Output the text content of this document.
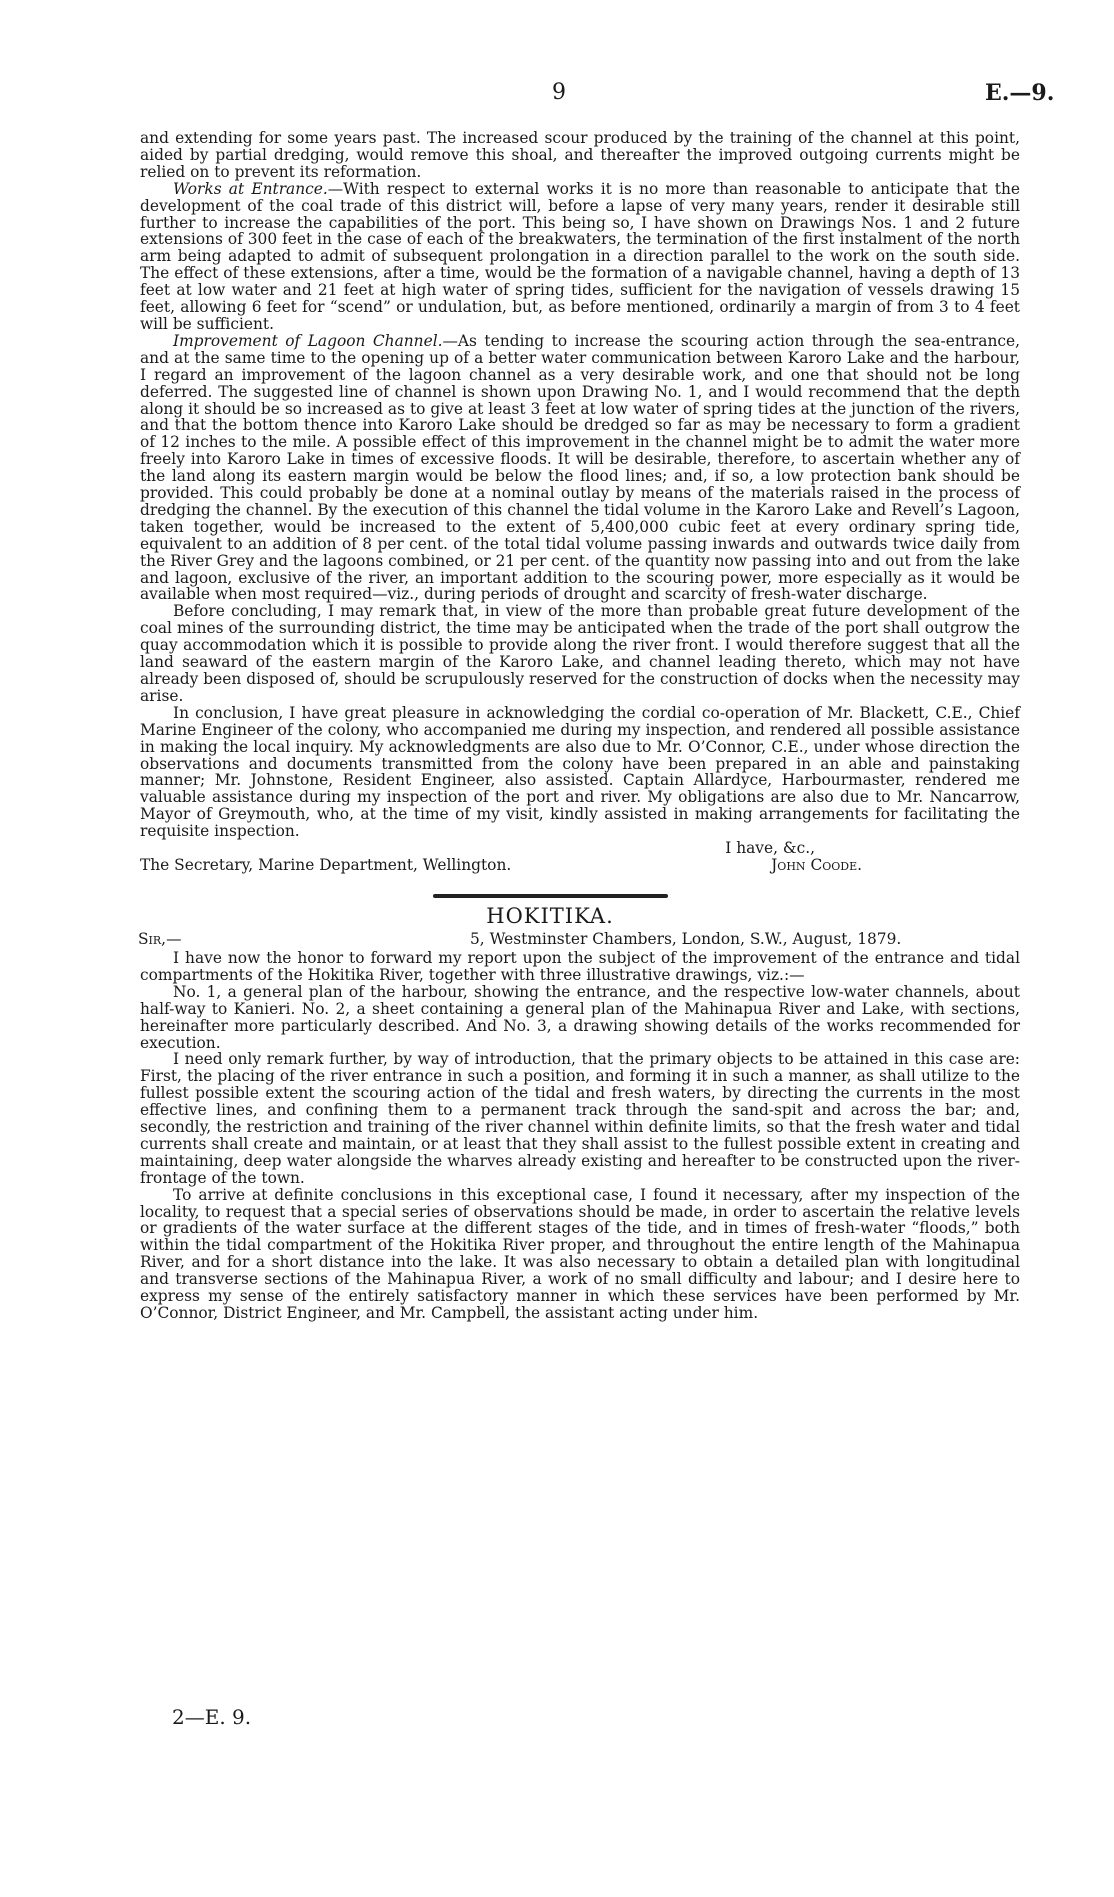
9	E.—9.

and extending for some years past. The increased scour produced by the training of the channel at this point, aided by partial dredging, would remove this shoal, and thereafter the improved outgoing currents might be relied on to prevent its reformation.

Works at Entrance.—With respect to external works it is no more than reasonable to anticipate that the development of the coal trade of this district will, before a lapse of very many years, render it desirable still further to increase the capabilities of the port. This being so, I have shown on Drawings Nos. 1 and 2 future extensions of 300 feet in the case of each of the breakwaters, the termination of the first instalment of the north arm being adapted to admit of subsequent prolongation in a direction parallel to the work on the south side. The effect of these extensions, after a time, would be the formation of a navigable channel, having a depth of 13 feet at low water and 21 feet at high water of spring tides, sufficient for the navigation of vessels drawing 15 feet, allowing 6 feet for “scend” or undulation, but, as before mentioned, ordinarily a margin of from 3 to 4 feet will be sufficient.

Improvement of Lagoon Channel.—As tending to increase the scouring action through the sea-entrance, and at the same time to the opening up of a better water communication between Karoro Lake and the harbour, I regard an improvement of the lagoon channel as a very desirable work, and one that should not be long deferred. The suggested line of channel is shown upon Drawing No. 1, and I would recommend that the depth along it should be so increased as to give at least 3 feet at low water of spring tides at the junction of the rivers, and that the bottom thence into Karoro Lake should be dredged so far as may be necessary to form a gradient of 12 inches to the mile. A possible effect of this improvement in the channel might be to admit the water more freely into Karoro Lake in times of excessive floods. It will be desirable, therefore, to ascertain whether any of the land along its eastern margin would be below the flood lines; and, if so, a low protection bank should be provided. This could probably be done at a nominal outlay by means of the materials raised in the process of dredging the channel. By the execution of this channel the tidal volume in the Karoro Lake and Revell’s Lagoon, taken together, would be increased to the extent of 5,400,000 cubic feet at every ordinary spring tide, equivalent to an addition of 8 per cent. of the total tidal volume passing inwards and outwards twice daily from the River Grey and the lagoons combined, or 21 per cent. of the quantity now passing into and out from the lake and lagoon, exclusive of the river, an important addition to the scouring power, more especially as it would be available when most required—viz., during periods of drought and scarcity of fresh-water discharge.

Before concluding, I may remark that, in view of the more than probable great future development of the coal mines of the surrounding district, the time may be anticipated when the trade of the port shall outgrow the quay accommodation which it is possible to provide along the river front. I would therefore suggest that all the land seaward of the eastern margin of the Karoro Lake, and channel leading thereto, which may not have already been disposed of, should be scrupulously reserved for the construction of docks when the necessity may arise.

In conclusion, I have great pleasure in acknowledging the cordial co-operation of Mr. Blackett, C.E., Chief Marine Engineer of the colony, who accompanied me during my inspection, and rendered all possible assistance in making the local inquiry. My acknowledgments are also due to Mr. O’Connor, C.E., under whose direction the observations and documents transmitted from the colony have been prepared in an able and painstaking manner; Mr. Johnstone, Resident Engineer, also assisted. Captain Allardyce, Harbourmaster, rendered me valuable assistance during my inspection of the port and river. My obligations are also due to Mr. Nancarrow, Mayor of Greymouth, who, at the time of my visit, kindly assisted in making arrangements for facilitating the requisite inspection.

I have, &c.,
The Secretary, Marine Department, Wellington.	John Coode.
HOKITIKA.
Sir,—	5, Westminster Chambers, London, S.W., August, 1879.

I have now the honor to forward my report upon the subject of the improvement of the entrance and tidal compartments of the Hokitika River, together with three illustrative drawings, viz.:—

No. 1, a general plan of the harbour, showing the entrance, and the respective low-water channels, about half-way to Kanieri. No. 2, a sheet containing a general plan of the Mahinapua River and Lake, with sections, hereinafter more particularly described. And No. 3, a drawing showing details of the works recommended for execution.

I need only remark further, by way of introduction, that the primary objects to be attained in this case are: First, the placing of the river entrance in such a position, and forming it in such a manner, as shall utilize to the fullest possible extent the scouring action of the tidal and fresh waters, by directing the currents in the most effective lines, and confining them to a permanent track through the sand-spit and across the bar; and, secondly, the restriction and training of the river channel within definite limits, so that the fresh water and tidal currents shall create and maintain, or at least that they shall assist to the fullest possible extent in creating and maintaining, deep water alongside the wharves already existing and hereafter to be constructed upon the river-frontage of the town.

To arrive at definite conclusions in this exceptional case, I found it necessary, after my inspection of the locality, to request that a special series of observations should be made, in order to ascertain the relative levels or gradients of the water surface at the different stages of the tide, and in times of fresh-water “floods,” both within the tidal compartment of the Hokitika River proper, and throughout the entire length of the Mahinapua River, and for a short distance into the lake. It was also necessary to obtain a detailed plan with longitudinal and transverse sections of the Mahinapua River, a work of no small difficulty and labour; and I desire here to express my sense of the entirely satisfactory manner in which these services have been performed by Mr. O’Connor, District Engineer, and Mr. Campbell, the assistant acting under him.

2—E. 9.
